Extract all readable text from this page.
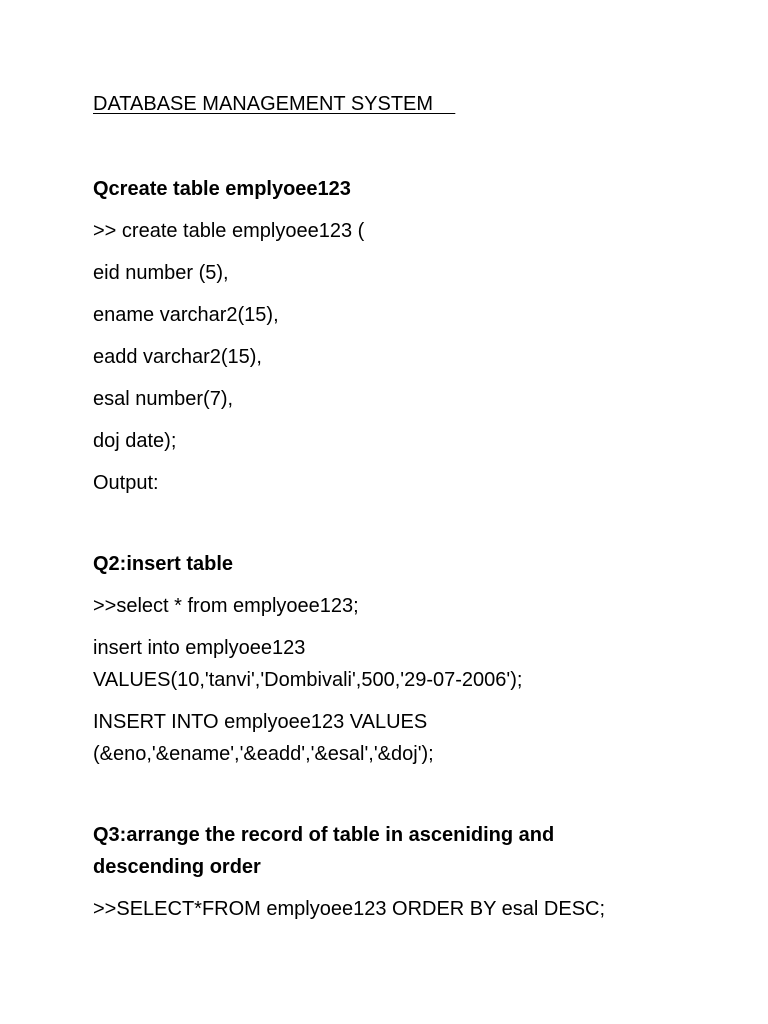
DATABASE MANAGEMENT SYSTEM
Qcreate table emplyoee123
>> create table emplyoee123 (
eid number (5),
ename varchar2(15),
eadd varchar2(15),
esal number(7),
doj date);
Output:
Q2:insert table
>>select * from emplyoee123;
insert into emplyoee123
VALUES(10,'tanvi','Dombivali',500,'29-07-2006');
INSERT INTO emplyoee123 VALUES
(&eno,'&ename','&eadd','&esal','&doj');
Q3:arrange the record of table in asceniding and
descending order
>>SELECT*FROM emplyoee123 ORDER BY esal DESC;
